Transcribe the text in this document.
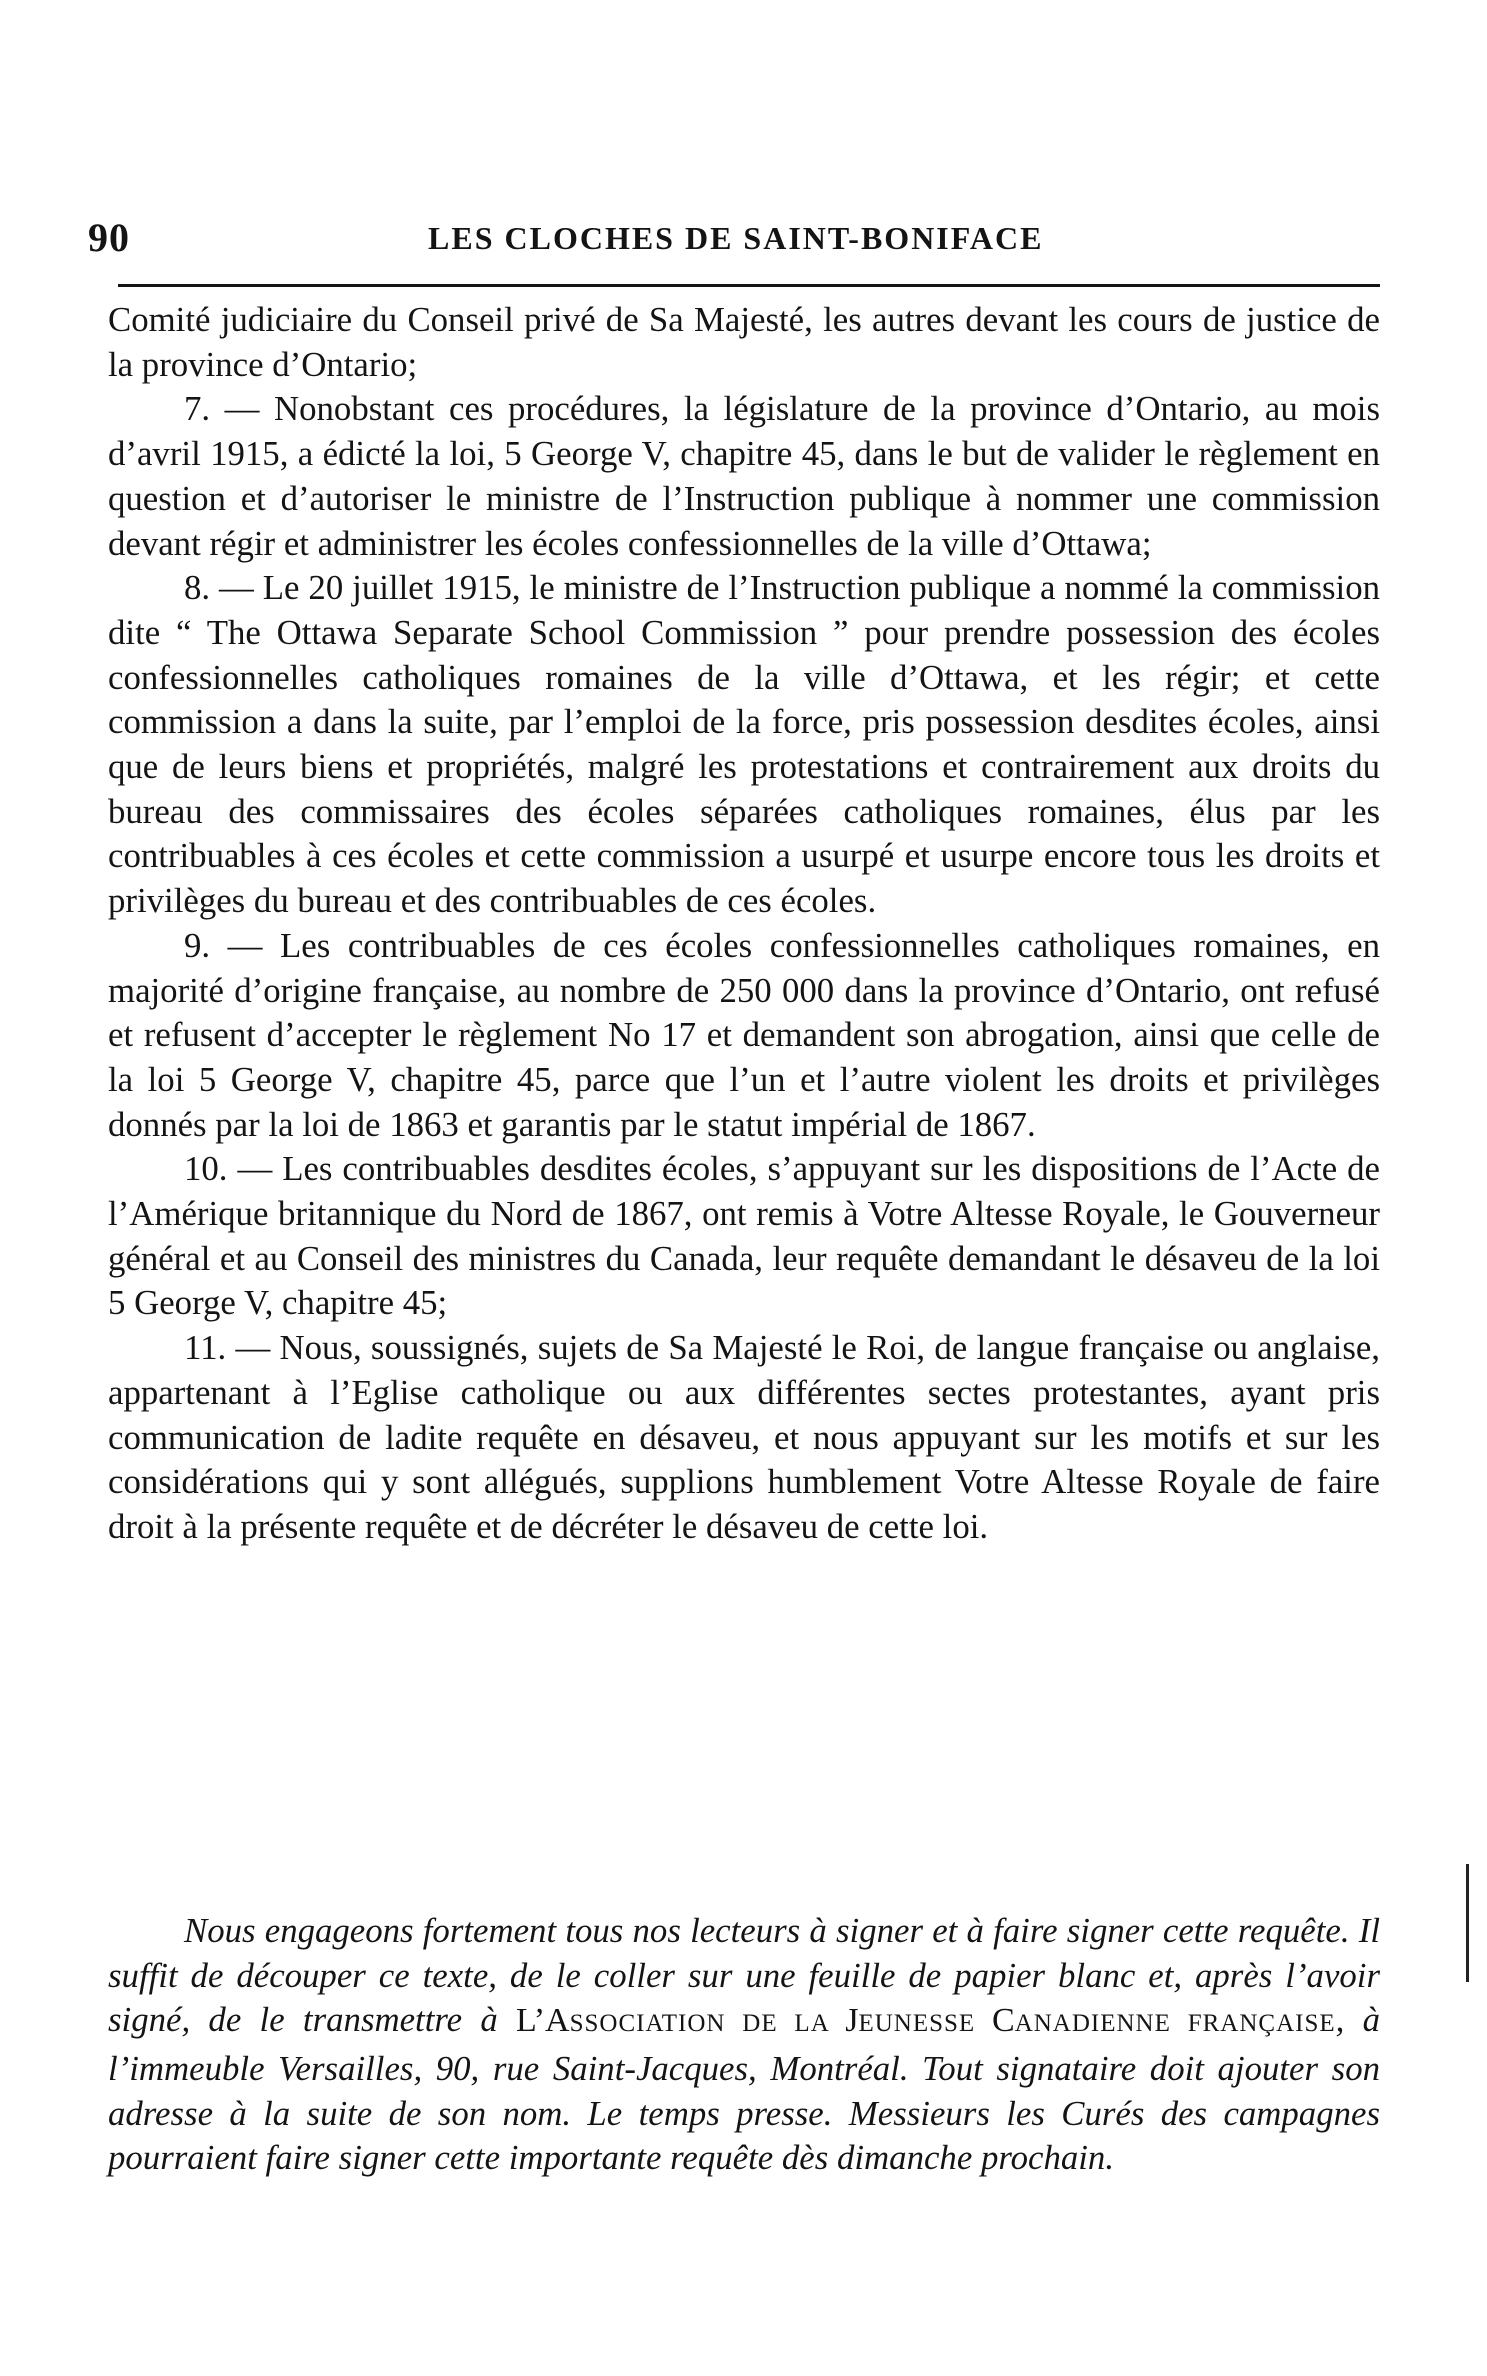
90	LES CLOCHES DE SAINT-BONIFACE

Comité judiciaire du Conseil privé de Sa Majesté, les autres devant les cours de justice de la province d’Ontario;

7. — Nonobstant ces procédures, la législature de la province d’Ontario, au mois d’avril 1915, a édicté la loi, 5 George V, chapitre 45, dans le but de valider le règlement en question et d’autoriser le ministre de l’Instruction publique à nommer une commission devant régir et administrer les écoles confessionnelles de la ville d’Ottawa;

8. — Le 20 juillet 1915, le ministre de l’Instruction publique a nommé la commission dite “ The Ottawa Separate School Commission ” pour prendre possession des écoles confessionnelles catholiques romaines de la ville d’Ottawa, et les régir; et cette commission a dans la suite, par l’emploi de la force, pris possession desdites écoles, ainsi que de leurs biens et propriétés, malgré les protestations et contrairement aux droits du bureau des commissaires des écoles séparées catholiques romaines, élus par les contribuables à ces écoles et cette commission a usurpé et usurpe encore tous les droits et privilèges du bureau et des contribuables de ces écoles.

9. — Les contribuables de ces écoles confessionnelles catholiques romaines, en majorité d’origine française, au nombre de 250 000 dans la province d’Ontario, ont refusé et refusent d’accepter le règlement No 17 et demandent son abrogation, ainsi que celle de la loi 5 George V, chapitre 45, parce que l’un et l’autre violent les droits et privilèges donnés par la loi de 1863 et garantis par le statut impérial de 1867.

10. — Les contribuables desdites écoles, s’appuyant sur les dispositions de l’Acte de l’Amérique britannique du Nord de 1867, ont remis à Votre Altesse Royale, le Gouverneur général et au Conseil des ministres du Canada, leur requête demandant le désaveu de la loi 5 George V, chapitre 45;

11. — Nous, soussignés, sujets de Sa Majesté le Roi, de langue française ou anglaise, appartenant à l’Eglise catholique ou aux différentes sectes protestantes, ayant pris communication de ladite requête en désaveu, et nous appuyant sur les motifs et sur les considérations qui y sont allégués, supplions humblement Votre Altesse Royale de faire droit à la présente requête et de décréter le désaveu de cette loi.

Nous engageons fortement tous nos lecteurs à signer et à faire signer cette requête. Il suffit de découper ce texte, de le coller sur une feuille de papier blanc et, après l’avoir signé, de le transmettre à L’ASSOCIATION DE LA JEUNESSE CANADIENNE FRANÇAISE, à l’immeuble Versailles, 90, rue Saint-Jacques, Montréal. Tout signataire doit ajouter son adresse à la suite de son nom. Le temps presse. Messieurs les Curés des campagnes pourraient faire signer cette importante requête dès dimanche prochain.
